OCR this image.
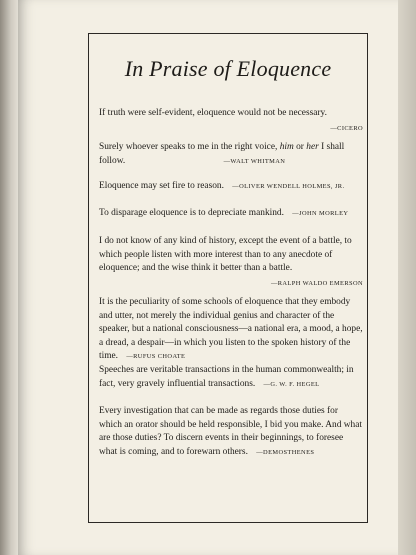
In Praise of Eloquence
If truth were self-evident, eloquence would not be necessary.
—CICERO
Surely whoever speaks to me in the right voice, him or her I shall follow.	—WALT WHITMAN
Eloquence may set fire to reason. —OLIVER WENDELL HOLMES, JR.
To disparage eloquence is to depreciate mankind. —JOHN MORLEY
I do not know of any kind of history, except the event of a battle, to which people listen with more interest than to any anecdote of eloquence; and the wise think it better than a battle.
—RALPH WALDO EMERSON
It is the peculiarity of some schools of eloquence that they embody and utter, not merely the individual genius and character of the speaker, but a national consciousness—a national era, a mood, a hope, a dread, a despair—in which you listen to the spoken history of the time. —RUFUS CHOATE
Speeches are veritable transactions in the human commonwealth; in fact, very gravely influential transactions. —G. W. F. HEGEL
Every investigation that can be made as regards those duties for which an orator should be held responsible, I bid you make. And what are those duties? To discern events in their beginnings, to foresee what is coming, and to forewarn others. —DEMOSTHENES
